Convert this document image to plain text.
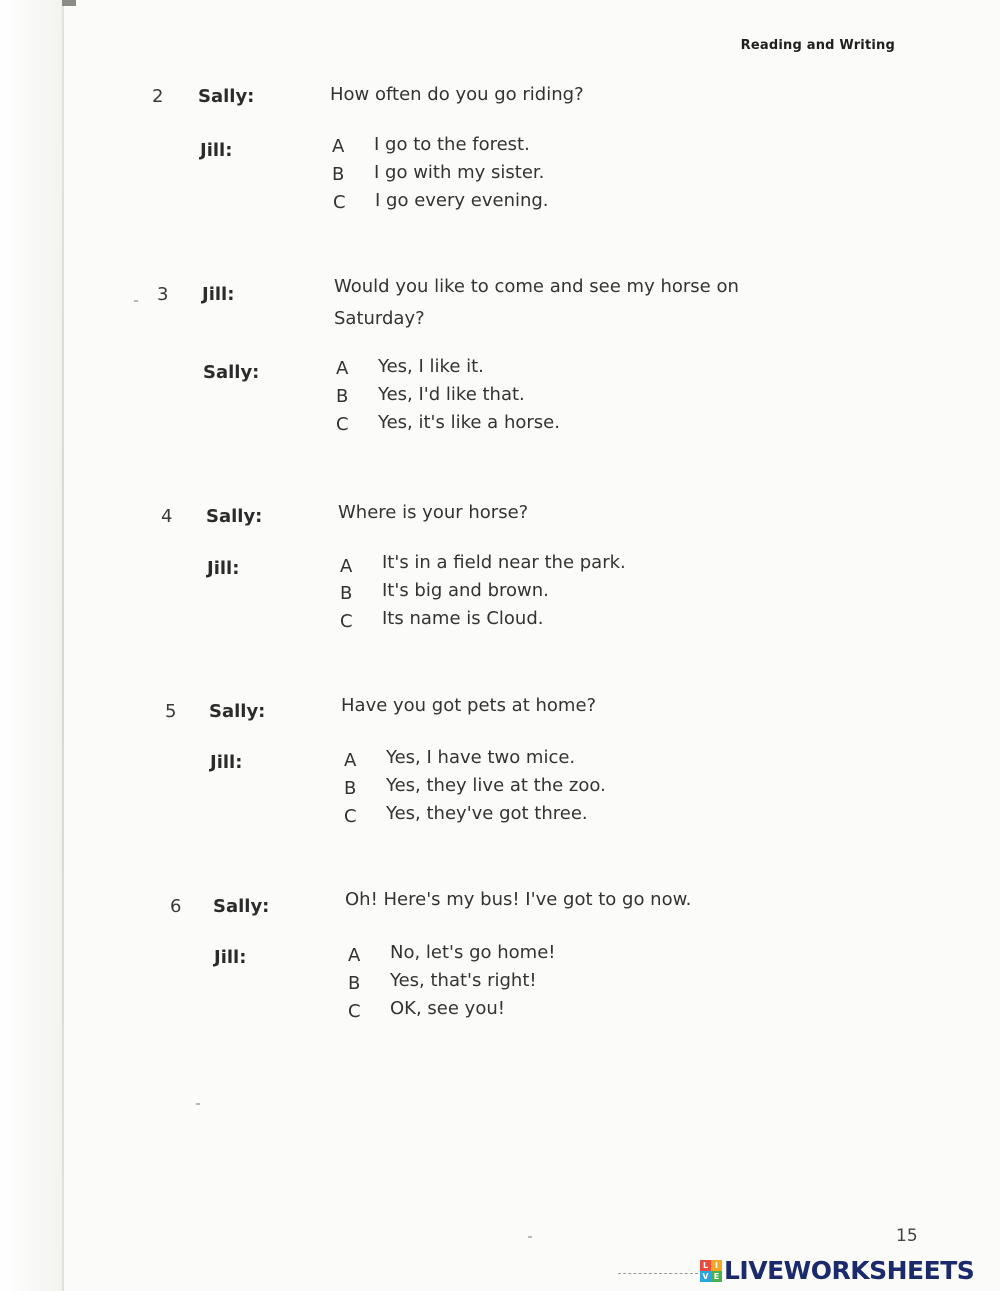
Reading and Writing
2 Sally:	How often do you go riding?
Jill:	A I go to the forest.
B I go with my sister.
C I go every evening.
3 Jill:	Would you like to come and see my horse on
Saturday?
Sally:	A Yes, I like it.
B Yes, I'd like that.
C Yes, it's like a horse.
4 Sally:	Where is your horse?
Jill:	A It's in a field near the park.
B It's big and brown.
C Its name is Cloud.
5 Sally:	Have you got pets at home?
Jill:	A Yes, I have two mice.
B Yes, they live at the zoo.
C Yes, they've got three.
6 Sally:	Oh! Here's my bus! I've got to go now.
Jill:	A No, let's go home!
B Yes, that's right!
C OK, see you!
15
L I
V E LIVEWORKSHEETS
